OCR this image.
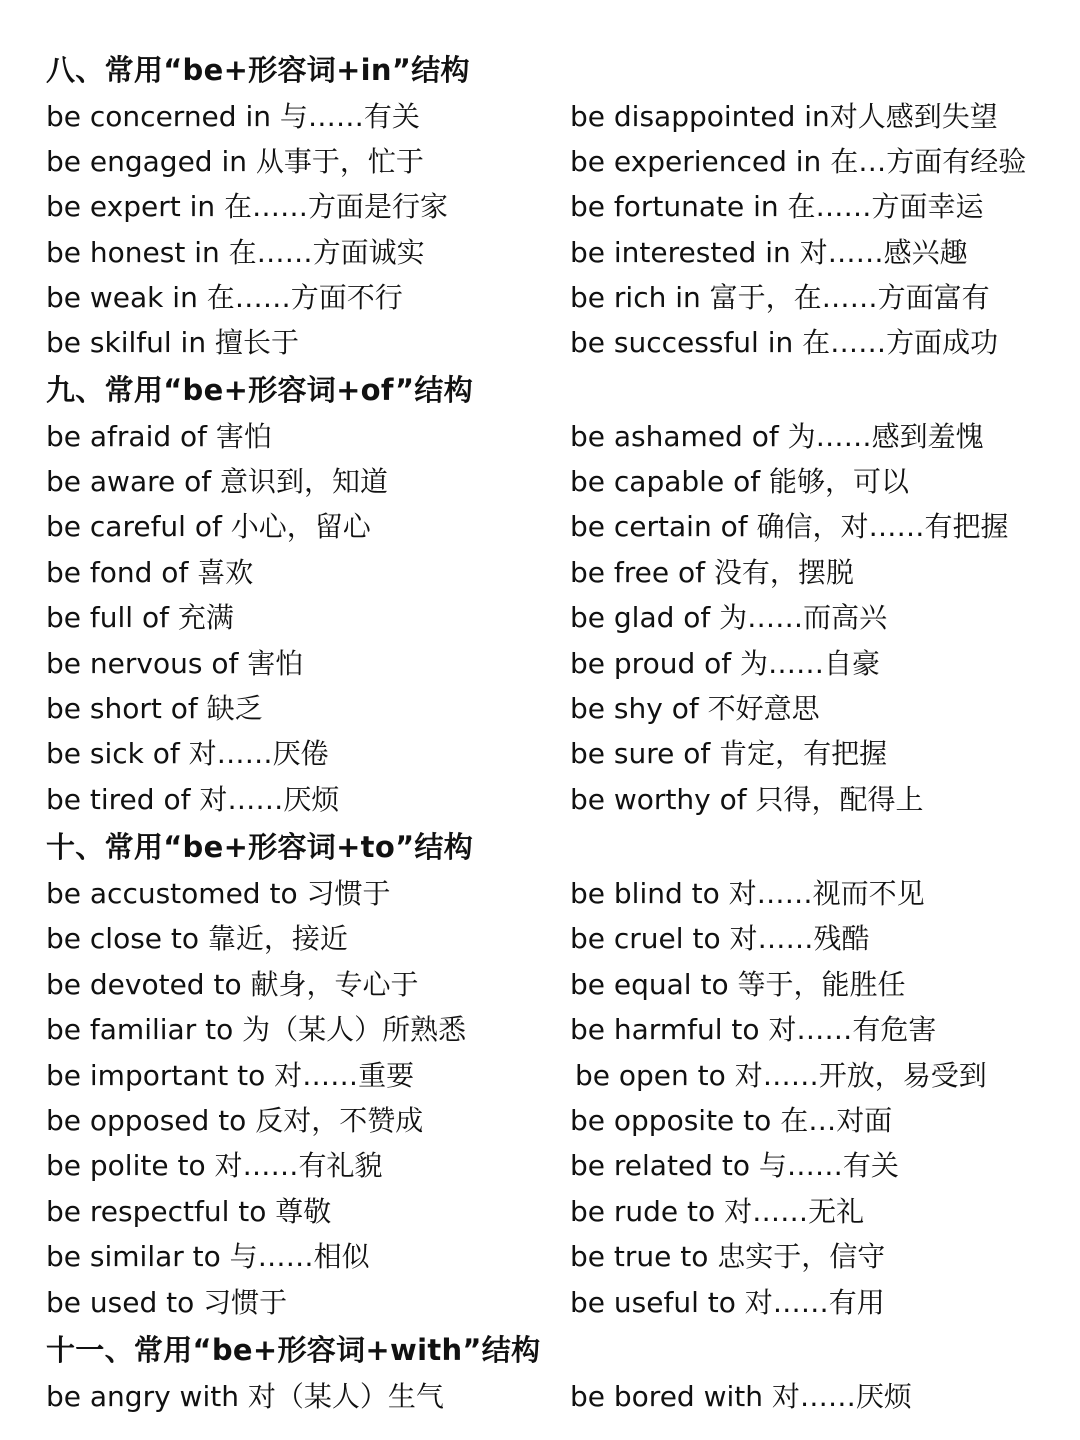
八、常用“be+形容词+in”结构
be concerned in 与……有关	be disappointed in对人感到失望
be engaged in 从事于，忙于	be experienced in 在…方面有经验
be expert in 在……方面是行家	be fortunate in 在……方面幸运
be honest in 在……方面诚实	be interested in 对……感兴趣
be weak in 在……方面不行	be rich in 富于，在……方面富有
be skilful in 擅长于	be successful in 在……方面成功
九、常用“be+形容词+of”结构
be afraid of 害怕	be ashamed of 为……感到羞愧
be aware of 意识到，知道	be capable of 能够，可以
be careful of 小心，留心	be certain of 确信，对……有把握
be fond of 喜欢	be free of 没有，摆脱
be full of 充满	be glad of 为……而高兴
be nervous of 害怕	be proud of 为……自豪
be short of 缺乏	be shy of 不好意思
be sick of 对……厌倦	be sure of 肯定，有把握
be tired of 对……厌烦	be worthy of 只得，配得上
十、常用“be+形容词+to”结构
be accustomed to 习惯于	be blind to 对……视而不见
be close to 靠近，接近	be cruel to 对……残酷
be devoted to 献身，专心于	be equal to 等于，能胜任
be familiar to 为（某人）所熟悉	be harmful to 对……有危害
be important to 对……重要	be open to 对……开放，易受到
be opposed to 反对，不赞成	be opposite to 在…对面
be polite to 对……有礼貌	be related to 与……有关
be respectful to 尊敬	be rude to 对……无礼
be similar to 与……相似	be true to 忠实于，信守
be used to 习惯于	be useful to 对……有用
十一、常用“be+形容词+with”结构
be angry with 对（某人）生气	be bored with 对……厌烦
